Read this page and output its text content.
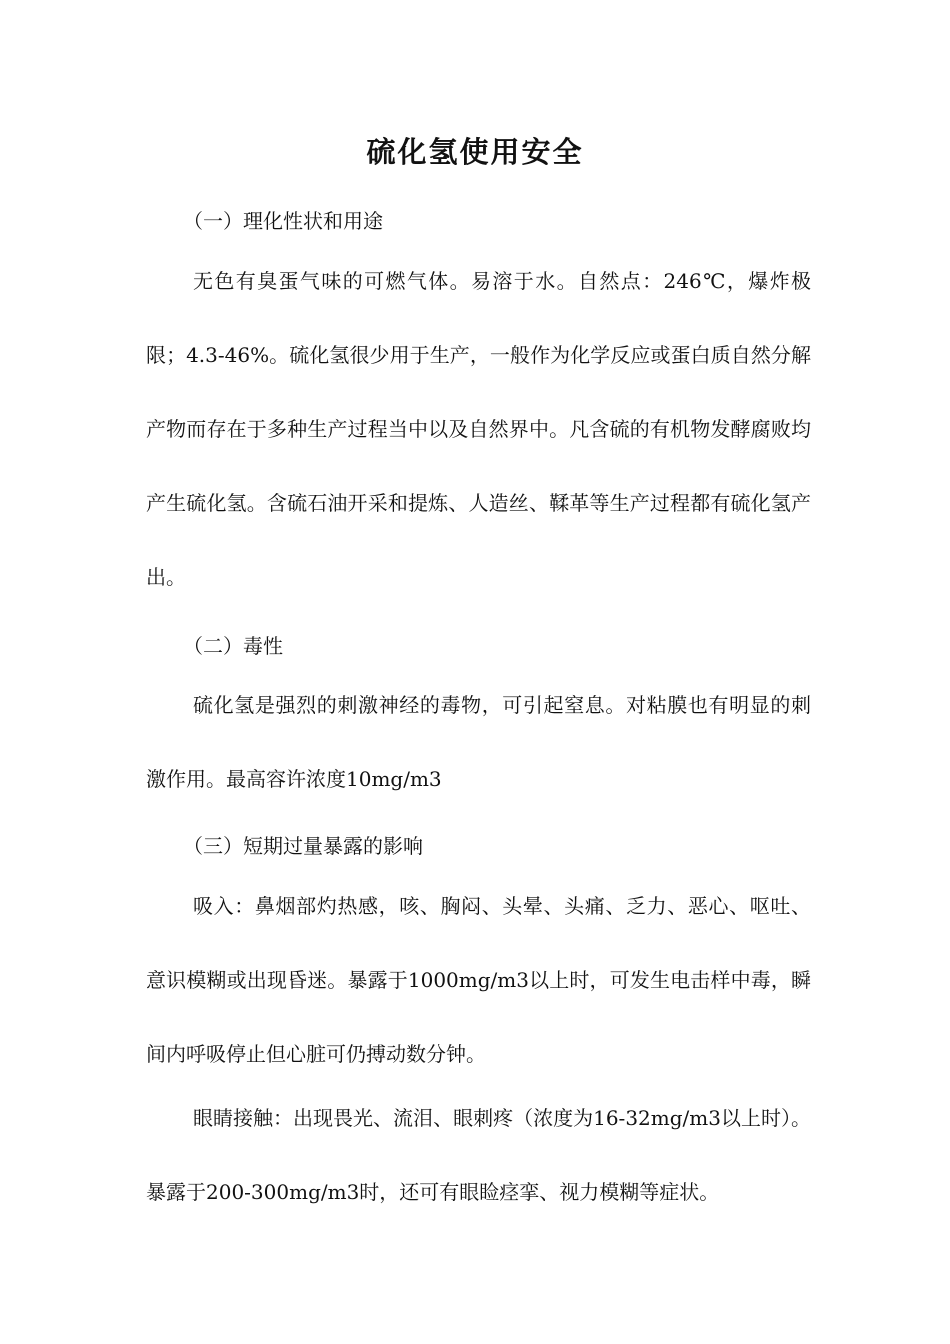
硫化氢使用安全

（一）理化性状和用途

无色有臭蛋气味的可燃气体。易溶于水。自然点：246℃，爆炸极限；4.3-46%。硫化氢很少用于生产，一般作为化学反应或蛋白质自然分解产物而存在于多种生产过程当中以及自然界中。凡含硫的有机物发酵腐败均产生硫化氢。含硫石油开采和提炼、人造丝、鞣革等生产过程都有硫化氢产出。

（二）毒性

硫化氢是强烈的刺激神经的毒物，可引起窒息。对粘膜也有明显的刺激作用。最高容许浓度10mg/m3

（三）短期过量暴露的影响

吸入：鼻烟部灼热感，咳、胸闷、头晕、头痛、乏力、恶心、呕吐、意识模糊或出现昏迷。暴露于1000mg/m3以上时，可发生电击样中毒，瞬间内呼吸停止但心脏可仍搏动数分钟。

眼睛接触：出现畏光、流泪、眼刺疼（浓度为16-32mg/m3以上时）。暴露于200-300mg/m3时，还可有眼睑痉挛、视力模糊等症状。
